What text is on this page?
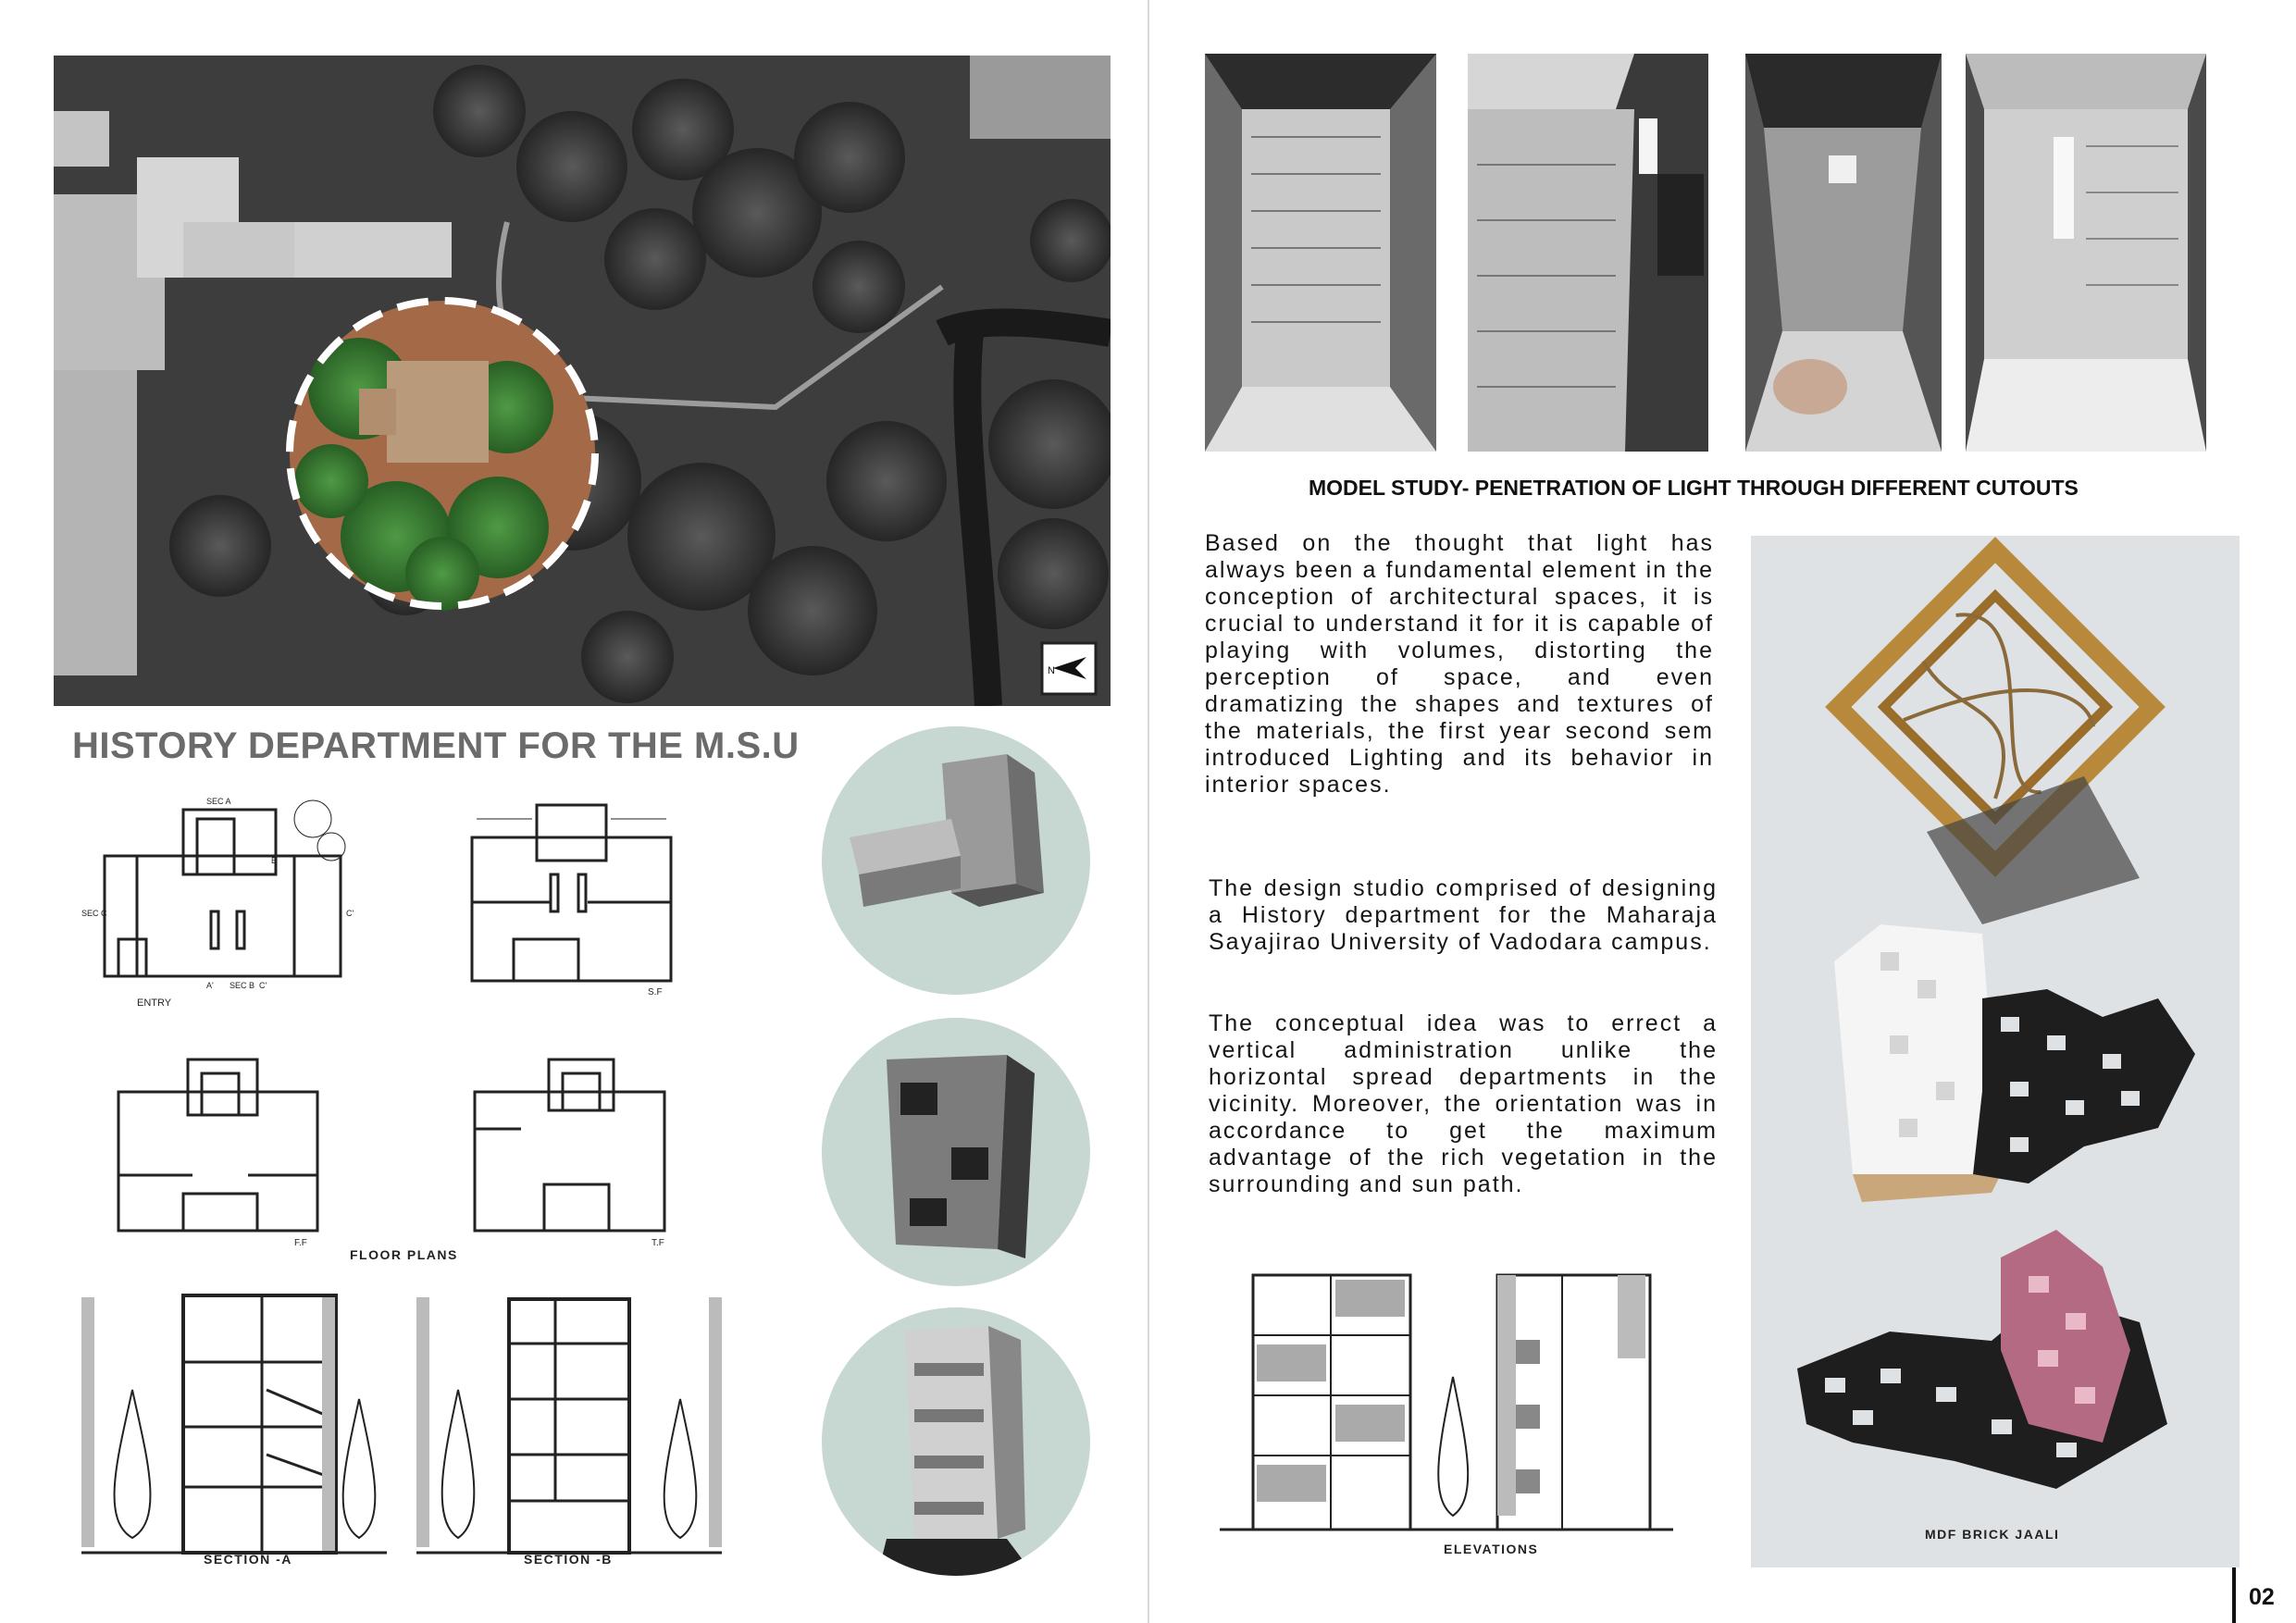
N
HISTORY DEPARTMENT FOR THE M.S.U
SEC A
SEC C	C'
B
A' SEC B C'
ENTRY
S.F
F.F	T.F
FLOOR PLANS
SECTION -A	SECTION -B
MODEL STUDY- PENETRATION OF LIGHT THROUGH DIFFERENT CUTOUTS
Based on the thought that light has always been a fundamental element in the conception of architectural spaces, it is crucial to understand it for it is capable of playing with volumes, distorting the perception of space, and even dramatizing the shapes and textures of the materials, the first year second sem introduced Lighting and its behavior in interior spaces.
The design studio comprised of designing a History department for the Maharaja Sayajirao University of Vadodara campus.
The conceptual idea was to errect a vertical administration unlike the horizontal spread departments in the vicinity. Moreover, the orientation was in accordance to get the maximum advantage of the rich vegetation in the surrounding and sun path.
ELEVATIONS
MDF BRICK JAALI
02
